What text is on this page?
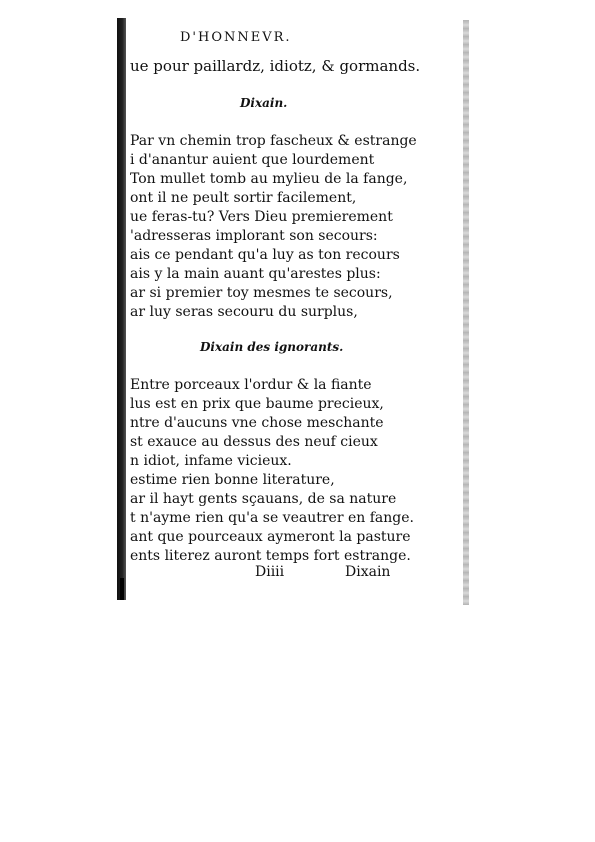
D'HONNEVR.
ue pour paillardz, idiotz, & gormands.
Dixain.
Par vn chemin trop fascheux & estrange
i d'anantur auient que lourdement
Ton mullet tomb au mylieu de la fange,
ont il ne peult sortir facilement,
ue feras-tu? Vers Dieu premierement
'adresseras implorant son secours:
ais ce pendant qu'a luy as ton recours
ais y la main auant qu'arestes plus:
ar si premier toy mesmes te secours,
ar luy seras secouru du surplus,
Dixain des ignorants.
Entre porceaux l'ordur & la fiante
lus est en prix que baume precieux,
ntre d'aucuns vne chose meschante
st exauce au dessus des neuf cieux
n idiot, infame vicieux.
estime rien bonne literature,
ar il hayt gents sçauans, de sa nature
t n'ayme rien qu'a se veautrer en fange.
ant que pourceaux aymeront la pasture
ents literez auront temps fort estrange.
Diiii	Dixain
